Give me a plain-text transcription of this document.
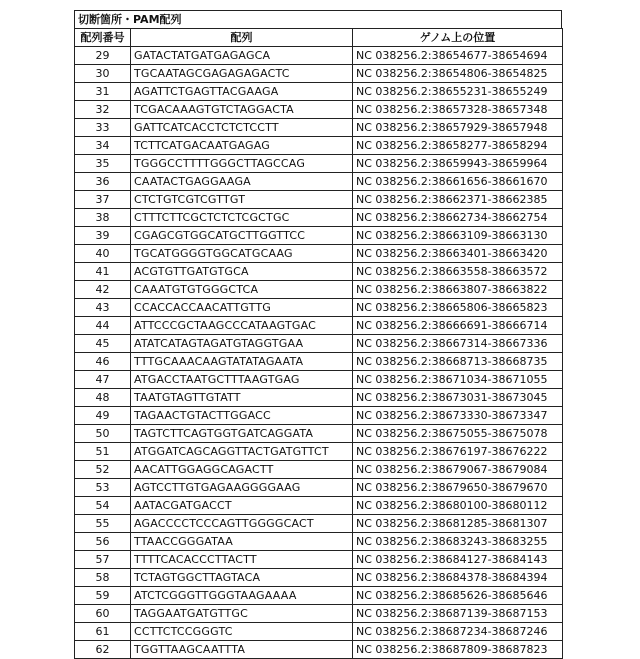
切断箇所・PAM配列
配列番号	配列	ゲノム上の位置
29	GATACTATGATGAGAGCA	NC 038256.2:38654677-38654694
30	TGCAATAGCGAGAGAGACTC	NC 038256.2:38654806-38654825
31	AGATTCTGAGTTACGAAGA	NC 038256.2:38655231-38655249
32	TCGACAAAGTGTCTAGGACTA	NC 038256.2:38657328-38657348
33	GATTCATCACCTCTCTCCTT	NC 038256.2:38657929-38657948
34	TCTTCATGACAATGAGAG	NC 038256.2:38658277-38658294
35	TGGGCCTTTTGGGCTTAGCCAG	NC 038256.2:38659943-38659964
36	CAATACTGAGGAAGA	NC 038256.2:38661656-38661670
37	CTCTGTCGTCGTTGT	NC 038256.2:38662371-38662385
38	CTTTCTTCGCTCTCTCGCTGC	NC 038256.2:38662734-38662754
39	CGAGCGTGGCATGCTTGGTTCC	NC 038256.2:38663109-38663130
40	TGCATGGGGTGGCATGCAAG	NC 038256.2:38663401-38663420
41	ACGTGTTGATGTGCA	NC 038256.2:38663558-38663572
42	CAAATGTGTGGGCTCA	NC 038256.2:38663807-38663822
43	CCACCACCAACATTGTTG	NC 038256.2:38665806-38665823
44	ATTCCCGCTAAGCCCATAAGTGAC	NC 038256.2:38666691-38666714
45	ATATCATAGTAGATGTAGGTGAA	NC 038256.2:38667314-38667336
46	TTTGCAAACAAGTATATAGAATA	NC 038256.2:38668713-38668735
47	ATGACCTAATGCTTTAAGTGAG	NC 038256.2:38671034-38671055
48	TAATGTAGTTGTATT	NC 038256.2:38673031-38673045
49	TAGAACTGTACTTGGACC	NC 038256.2:38673330-38673347
50	TAGTCTTCAGTGGTGATCAGGATA	NC 038256.2:38675055-38675078
51	ATGGATCAGCAGGTTACTGATGTTCT	NC 038256.2:38676197-38676222
52	AACATTGGAGGCAGACTT	NC 038256.2:38679067-38679084
53	AGTCCTTGTGAGAAGGGGAAG	NC 038256.2:38679650-38679670
54	AATACGATGACCT	NC 038256.2:38680100-38680112
55	AGACCCCTCCCAGTTGGGGCACT	NC 038256.2:38681285-38681307
56	TTAACCGGGATAA	NC 038256.2:38683243-38683255
57	TTTTCACACCCTTACTT	NC 038256.2:38684127-38684143
58	TCTAGTGGCTTAGTACA	NC 038256.2:38684378-38684394
59	ATCTCGGGTTGGGTAAGAAAA	NC 038256.2:38685626-38685646
60	TAGGAATGATGTTGC	NC 038256.2:38687139-38687153
61	CCTTCTCCGGGTC	NC 038256.2:38687234-38687246
62	TGGTTAAGCAATTTA	NC 038256.2:38687809-38687823
